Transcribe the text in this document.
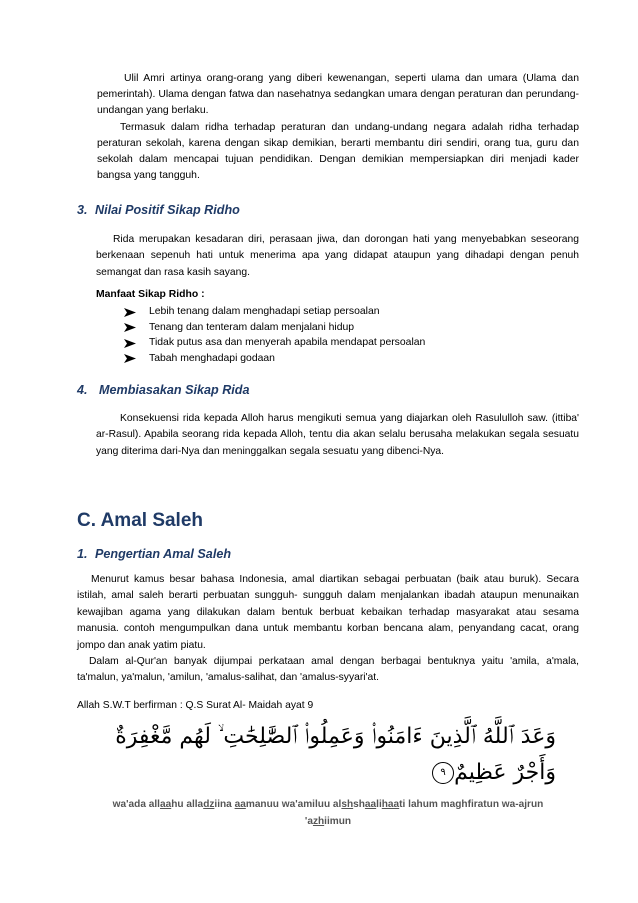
Ulil Amri artinya orang-orang yang diberi kewenangan, seperti ulama dan umara (Ulama dan pemerintah). Ulama dengan fatwa dan nasehatnya sedangkan umara dengan peraturan dan perundang-undangan yang berlaku.

Termasuk dalam ridha terhadap peraturan dan undang-undang negara adalah ridha terhadap peraturan sekolah, karena dengan sikap demikian, berarti membantu diri sendiri, orang tua, guru dan sekolah dalam mencapai tujuan pendidikan. Dengan demikian mempersiapkan diri menjadi kader bangsa yang tangguh.

3. Nilai Positif Sikap Ridho

Rida merupakan kesadaran diri, perasaan jiwa, dan dorongan hati yang menyebabkan seseorang berkenaan sepenuh hati untuk menerima apa yang didapat ataupun yang dihadapi dengan penuh semangat dan rasa kasih sayang.

Manfaat Sikap Ridho :

Lebih tenang dalam menghadapi setiap persoalan
Tenang dan tenteram dalam menjalani hidup
Tidak putus asa dan menyerah apabila mendapat persoalan
Tabah menghadapi godaan
4. Membiasakan Sikap Rida

Konsekuensi rida kepada Alloh harus mengikuti semua yang diajarkan oleh Rasululloh saw. (ittiba' ar-Rasul). Apabila seorang rida kepada Alloh, tentu dia akan selalu berusaha melakukan segala sesuatu yang diterima dari-Nya dan meninggalkan segala sesuatu yang dibenci-Nya.

C. Amal Saleh
1. Pengertian Amal Saleh

Menurut kamus besar bahasa Indonesia, amal diartikan sebagai perbuatan (baik atau buruk). Secara istilah, amal saleh berarti perbuatan sungguh- sungguh dalam menjalankan ibadah ataupun menunaikan kewajiban agama yang dilakukan dalam bentuk berbuat kebaikan terhadap masyarakat atau sesama manusia. contoh mengumpulkan dana untuk membantu korban bencana alam, penyandang cacat, orang jompo dan anak yatim piatu.

Dalam al-Qur'an banyak dijumpai perkataan amal dengan berbagai bentuknya yaitu 'amila, a'mala, ta'malun, ya'malun, 'amilun, 'amalus-salihat, dan 'amalus-syyari'at.

Allah S.W.T berfirman : Q.S Surat Al- Maidah ayat 9

وَعَدَ ٱللَّهُ ٱلَّذِينَ ءَامَنُوا۟ وَعَمِلُوا۟ ٱلصَّٰلِحَٰتِ ۙ لَهُم مَّغْفِرَةٌ

وَأَجْرٌ عَظِيمٌ٩

wa'ada allaahu alladziina aamanuu wa'amiluu alshshaalihaati lahum maghfiratun wa-ajrun

'azhiimun
